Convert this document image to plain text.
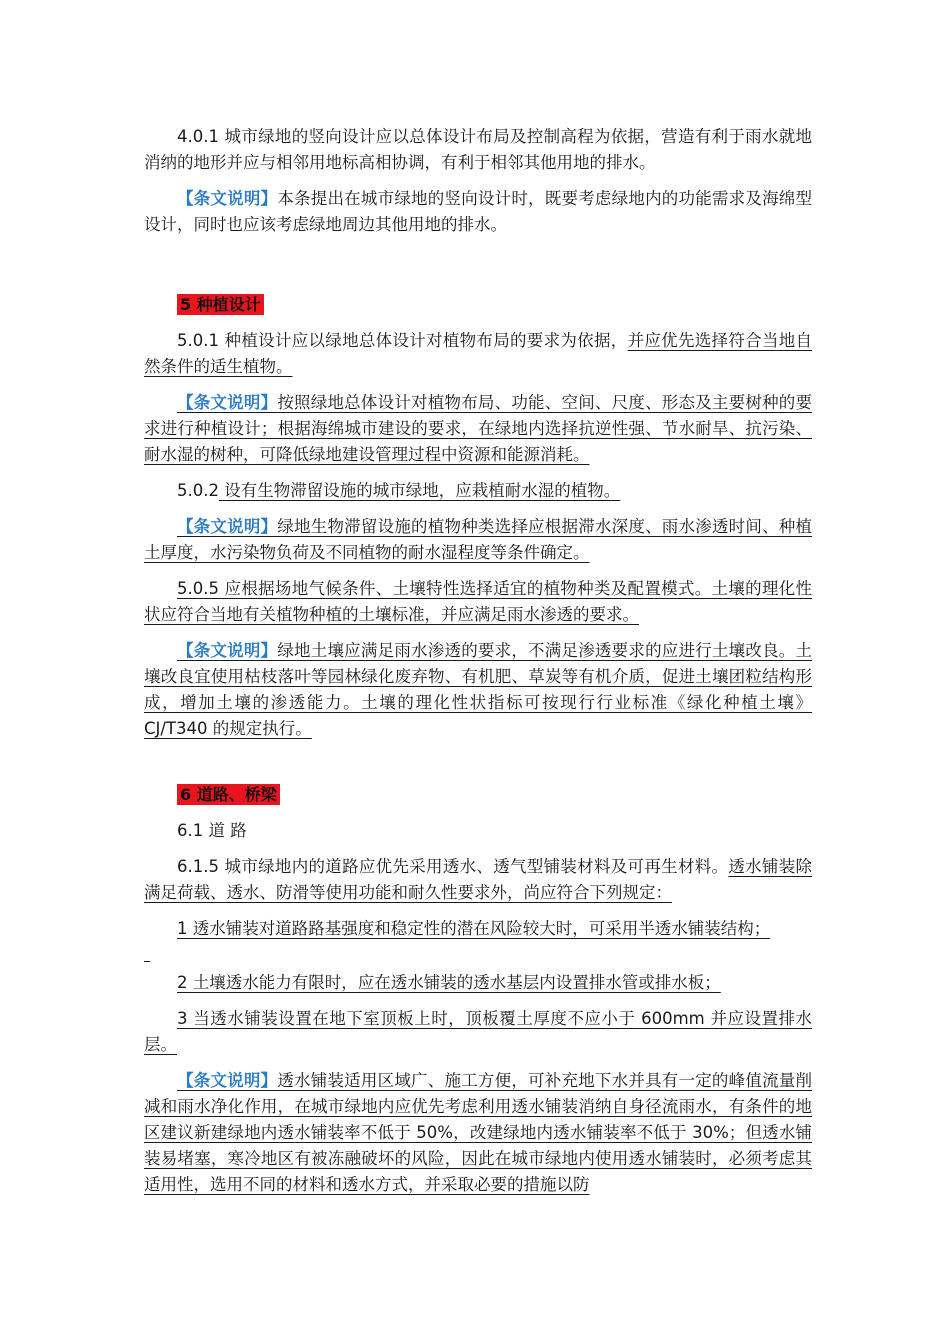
4.0.1 城市绿地的竖向设计应以总体设计布局及控制高程为依据，营造有利于雨水就地消纳的地形并应与相邻用地标高相协调，有利于相邻其他用地的排水。

【条文说明】本条提出在城市绿地的竖向设计时，既要考虑绿地内的功能需求及海绵型设计，同时也应该考虑绿地周边其他用地的排水。

5 种植设计

5.0.1 种植设计应以绿地总体设计对植物布局的要求为依据，并应优先选择符合当地自然条件的适生植物。

【条文说明】按照绿地总体设计对植物布局、功能、空间、尺度、形态及主要树种的要求进行种植设计；根据海绵城市建设的要求，在绿地内选择抗逆性强、节水耐旱、抗污染、耐水湿的树种，可降低绿地建设管理过程中资源和能源消耗。

5.0.2 设有生物滞留设施的城市绿地，应栽植耐水湿的植物。

【条文说明】绿地生物滞留设施的植物种类选择应根据滞水深度、雨水渗透时间、种植土厚度，水污染物负荷及不同植物的耐水湿程度等条件确定。

5.0.5 应根据场地气候条件、土壤特性选择适宜的植物种类及配置模式。土壤的理化性状应符合当地有关植物种植的土壤标准，并应满足雨水渗透的要求。

【条文说明】绿地土壤应满足雨水渗透的要求，不满足渗透要求的应进行土壤改良。土壤改良宜使用枯枝落叶等园林绿化废弃物、有机肥、草炭等有机介质，促进土壤团粒结构形成，增加土壤的渗透能力。土壤的理化性状指标可按现行行业标准《绿化种植土壤》CJ/T340 的规定执行。

6 道路、桥梁

6.1 道 路

6.1.5 城市绿地内的道路应优先采用透水、透气型铺装材料及可再生材料。透水铺装除满足荷载、透水、防滑等使用功能和耐久性要求外，尚应符合下列规定：

1 透水铺装对道路路基强度和稳定性的潜在风险较大时，可采用半透水铺装结构；

2 土壤透水能力有限时，应在透水铺装的透水基层内设置排水管或排水板；

3 当透水铺装设置在地下室顶板上时，顶板覆土厚度不应小于 600mm 并应设置排水层。

【条文说明】透水铺装适用区域广、施工方便，可补充地下水并具有一定的峰值流量削减和雨水净化作用，在城市绿地内应优先考虑利用透水铺装消纳自身径流雨水，有条件的地区建议新建绿地内透水铺装率不低于 50%，改建绿地内透水铺装率不低于 30%；但透水铺装易堵塞，寒冷地区有被冻融破坏的风险，因此在城市绿地内使用透水铺装时，必须考虑其适用性，选用不同的材料和透水方式，并采取必要的措施以防
